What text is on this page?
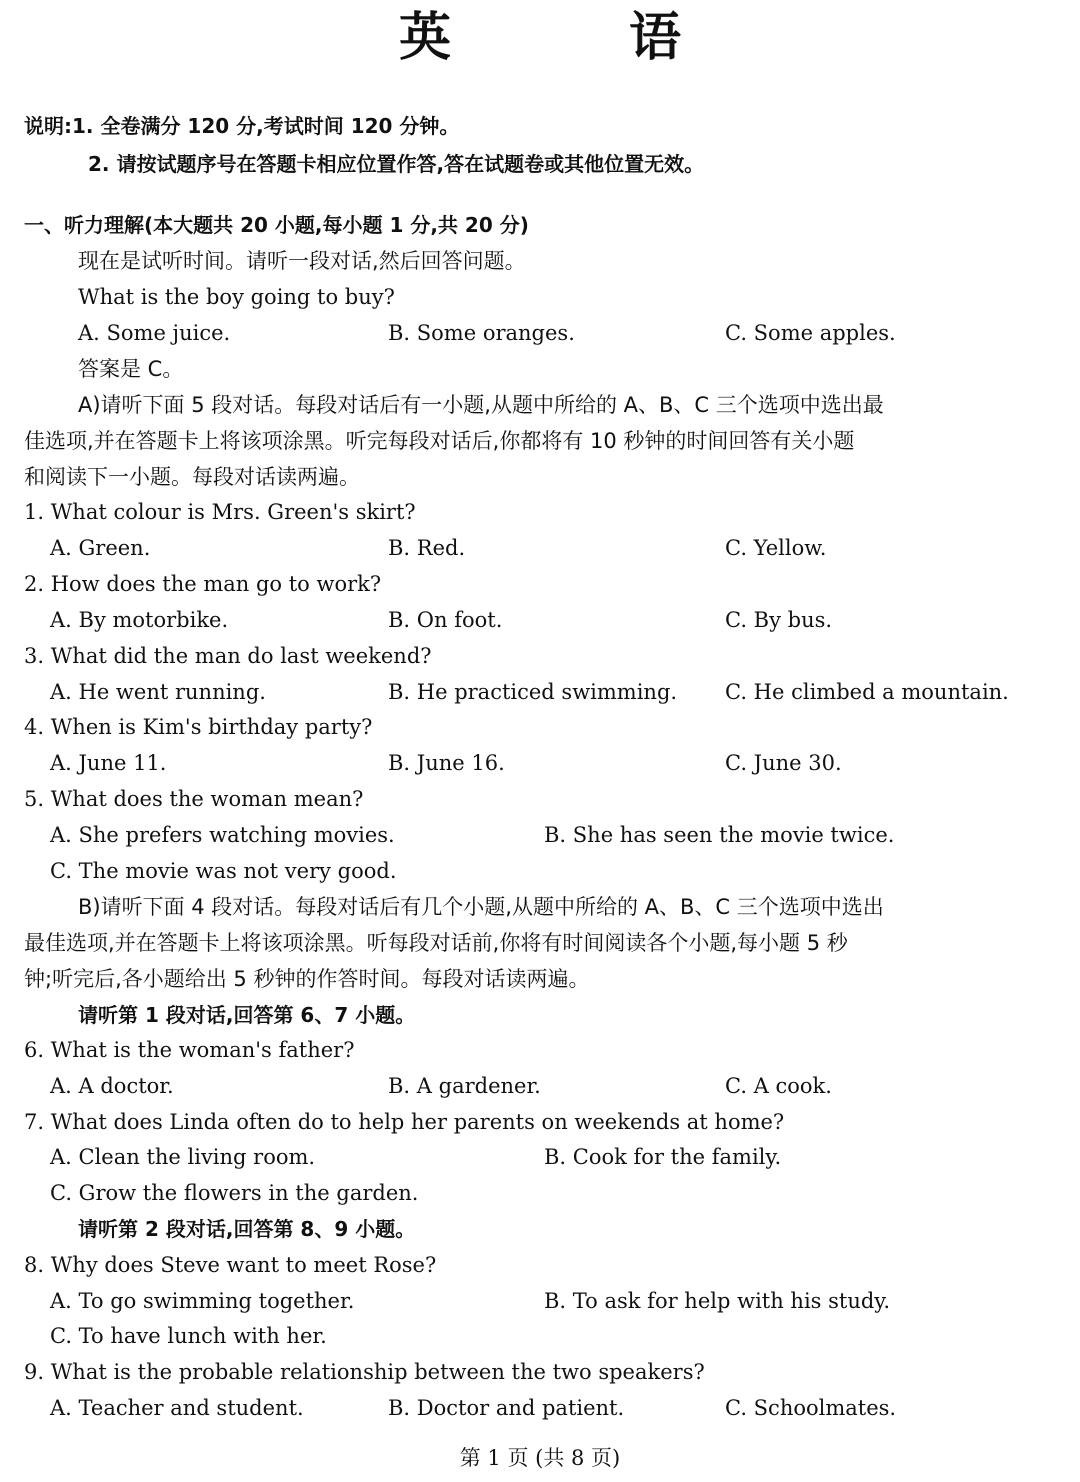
英 语
说明:1. 全卷满分 120 分,考试时间 120 分钟。
2. 请按试题序号在答题卡相应位置作答,答在试题卷或其他位置无效。
一、听力理解(本大题共 20 小题,每小题 1 分,共 20 分)
现在是试听时间。请听一段对话,然后回答问题。
What is the boy going to buy?
A. Some juice.	B. Some oranges.	C. Some apples.
答案是 C。
A)请听下面 5 段对话。每段对话后有一小题,从题中所给的 A、B、C 三个选项中选出最
佳选项,并在答题卡上将该项涂黑。听完每段对话后,你都将有 10 秒钟的时间回答有关小题
和阅读下一小题。每段对话读两遍。
1. What colour is Mrs. Green's skirt?
A. Green.	B. Red.	C. Yellow.
2. How does the man go to work?
A. By motorbike.	B. On foot.	C. By bus.
3. What did the man do last weekend?
A. He went running.	B. He practiced swimming. C. He climbed a mountain.
4. When is Kim's birthday party?
A. June 11.	B. June 16.	C. June 30.
5. What does the woman mean?
A. She prefers watching movies.	B. She has seen the movie twice.
C. The movie was not very good.
B)请听下面 4 段对话。每段对话后有几个小题,从题中所给的 A、B、C 三个选项中选出
最佳选项,并在答题卡上将该项涂黑。听每段对话前,你将有时间阅读各个小题,每小题 5 秒
钟;听完后,各小题给出 5 秒钟的作答时间。每段对话读两遍。
请听第 1 段对话,回答第 6、7 小题。
6. What is the woman's father?
A. A doctor.	B. A gardener.	C. A cook.
7. What does Linda often do to help her parents on weekends at home?
A. Clean the living room.	B. Cook for the family.
C. Grow the flowers in the garden.
请听第 2 段对话,回答第 8、9 小题。
8. Why does Steve want to meet Rose?
A. To go swimming together.	B. To ask for help with his study.
C. To have lunch with her.
9. What is the probable relationship between the two speakers?
A. Teacher and student.	B. Doctor and patient.	C. Schoolmates.
第 1 页 (共 8 页)
